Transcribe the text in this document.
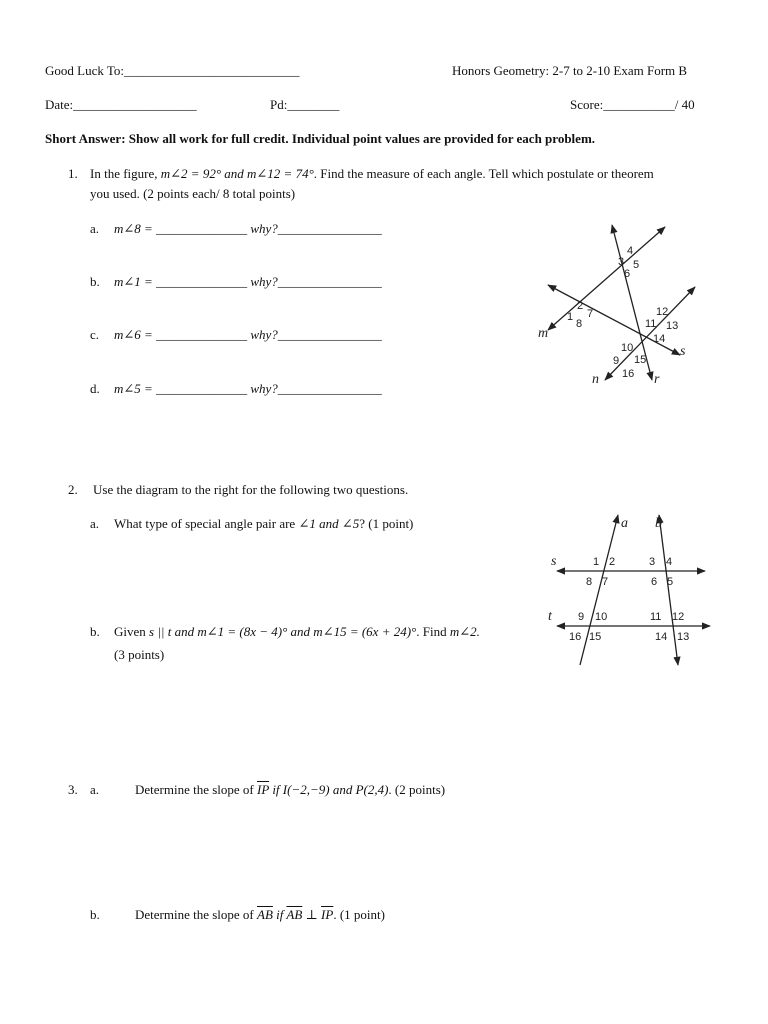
Good Luck To:___________________________	Honors Geometry: 2-7 to 2-10 Exam Form B
Date:___________________	Pd:________	Score:___________/ 40
Short Answer: Show all work for full credit. Individual point values are provided for each problem.
1. In the figure, m∠2 = 92° and m∠12 = 74°. Find the measure of each angle. Tell which postulate or theorem
you used. (2 points each/ 8 total points)
a. m∠8 = ______________ why?________________
b. m∠1 = ______________ why?________________
c. m∠6 = ______________ why?________________
d. m∠5 = ______________ why?________________
m
n	r
s
1
2
3
4
5
6
7
8
9
10
11
12
13
14
15
16
2. Use the diagram to the right for the following two questions.
a. What type of special angle pair are ∠1 and ∠5? (1 point)
b. Given s || t and m∠1 = (8x − 4)° and m∠15 = (6x + 24)°. Find m∠2.
(3 points)
a b
s
t
1 2	3 4
5
6
7
8
9 10	11 12
13
14
15
16
3. a.	Determine the slope of $\overline{IP}$ if I(−2,−9) and P(2,4). (2 points)
b.	Determine the slope of $\overline{AB}$ if $\overline{AB}$ ⊥ $\overline{IP}$. (1 point)
